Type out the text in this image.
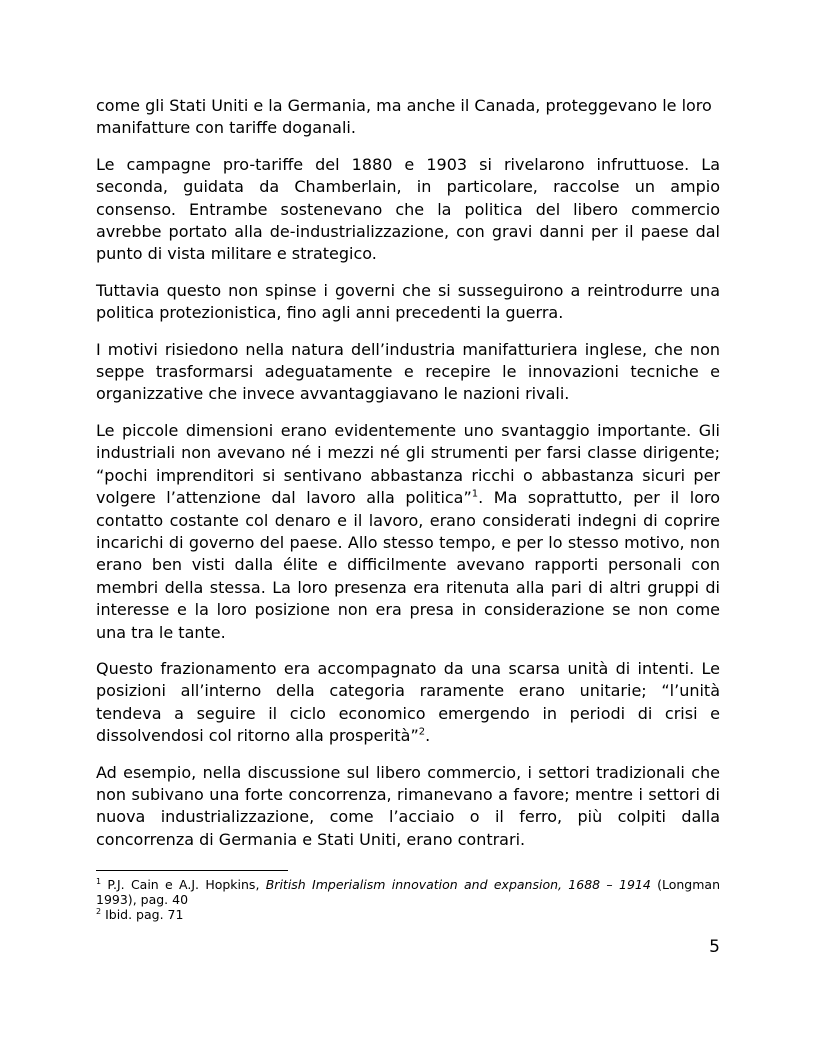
come gli Stati Uniti e la Germania, ma anche il Canada, proteggevano le loro manifatture con tariffe doganali.

Le campagne pro-tariffe del 1880 e 1903 si rivelarono infruttuose. La seconda, guidata da Chamberlain, in particolare, raccolse un ampio consenso. Entrambe sostenevano che la politica del libero commercio avrebbe portato alla de-industrializzazione, con gravi danni per il paese dal punto di vista militare e strategico.

Tuttavia questo non spinse i governi che si susseguirono a reintrodurre una politica protezionistica, fino agli anni precedenti la guerra.

I motivi risiedono nella natura dell’industria manifatturiera inglese, che non seppe trasformarsi adeguatamente e recepire le innovazioni tecniche e organizzative che invece avvantaggiavano le nazioni rivali.

Le piccole dimensioni erano evidentemente uno svantaggio importante. Gli industriali non avevano né i mezzi né gli strumenti per farsi classe dirigente; “pochi imprenditori si sentivano abbastanza ricchi o abbastanza sicuri per volgere l’attenzione dal lavoro alla politica”$^1$. Ma soprattutto, per il loro contatto costante col denaro e il lavoro, erano considerati indegni di coprire incarichi di governo del paese. Allo stesso tempo, e per lo stesso motivo, non erano ben visti dalla élite e difficilmente avevano rapporti personali con membri della stessa. La loro presenza era ritenuta alla pari di altri gruppi di interesse e la loro posizione non era presa in considerazione se non come una tra le tante.

Questo frazionamento era accompagnato da una scarsa unità di intenti. Le posizioni all’interno della categoria raramente erano unitarie; “l’unità tendeva a seguire il ciclo economico emergendo in periodi di crisi e dissolvendosi col ritorno alla prosperità”$^2$.

Ad esempio, nella discussione sul libero commercio, i settori tradizionali che non subivano una forte concorrenza, rimanevano a favore; mentre i settori di nuova industrializzazione, come l’acciaio o il ferro, più colpiti dalla concorrenza di Germania e Stati Uniti, erano contrari.

$^1$ P.J. Cain e A.J. Hopkins, British Imperialism innovation and expansion, 1688 – 1914 (Longman 1993), pag. 40

$^2$ Ibid. pag. 71

5
